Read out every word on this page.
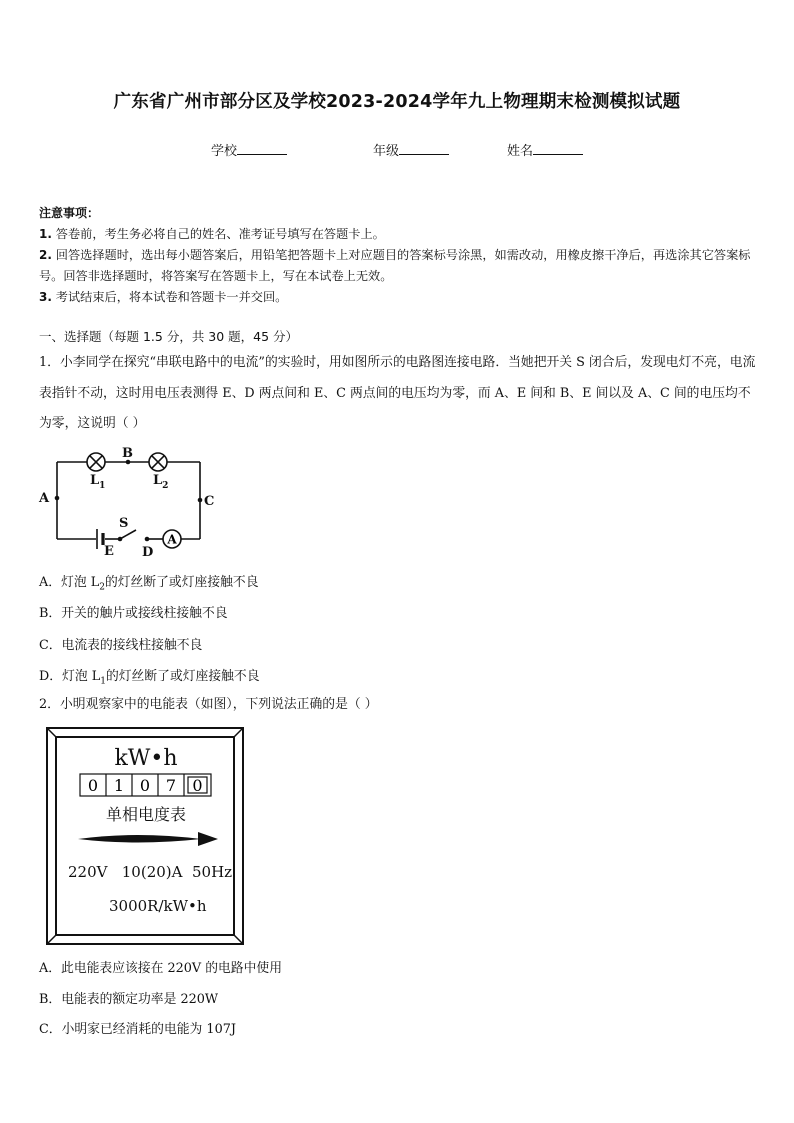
广东省广州市部分区及学校2023-2024学年九上物理期末检测模拟试题
学校	年级	姓名
注意事项：
1. 答卷前，考生务必将自己的姓名、准考证号填写在答题卡上。
2. 回答选择题时，选出每小题答案后，用铅笔把答题卡上对应题目的答案标号涂黑，如需改动，用橡皮擦干净后，再选涂其它答案标号。回答非选择题时，将答案写在答题卡上，写在本试卷上无效。
3. 考试结束后，将本试卷和答题卡一并交回。
一、选择题（每题 1.5 分，共 30 题，45 分）
1．小李同学在探究“串联电路中的电流”的实验时，用如图所示的电路图连接电路．当她把开关 S 闭合后，发现电灯不亮，电流表指针不动，这时用电压表测得 E、D 两点间和 E、C 两点间的电压均为零，而 A、E 间和 B、E 间以及 A、C 间的电压均不为零，这说明（ ）
A
A
B
C
D
E
S
$L_1$	$L_2$
A．灯泡 $L_2$的灯丝断了或灯座接触不良
B．开关的触片或接线柱接触不良
C．电流表的接线柱接触不良
D．灯泡 $L_1$的灯丝断了或灯座接触不良
2．小明观察家中的电能表（如图），下列说法正确的是（ ）
kW•h
0 1 0 7 0
单相电度表
220V   10(20)A  50Hz
3000R/kW•h
A．此电能表应该接在 220V 的电路中使用
B．电能表的额定功率是 220W
C．小明家已经消耗的电能为 107J
